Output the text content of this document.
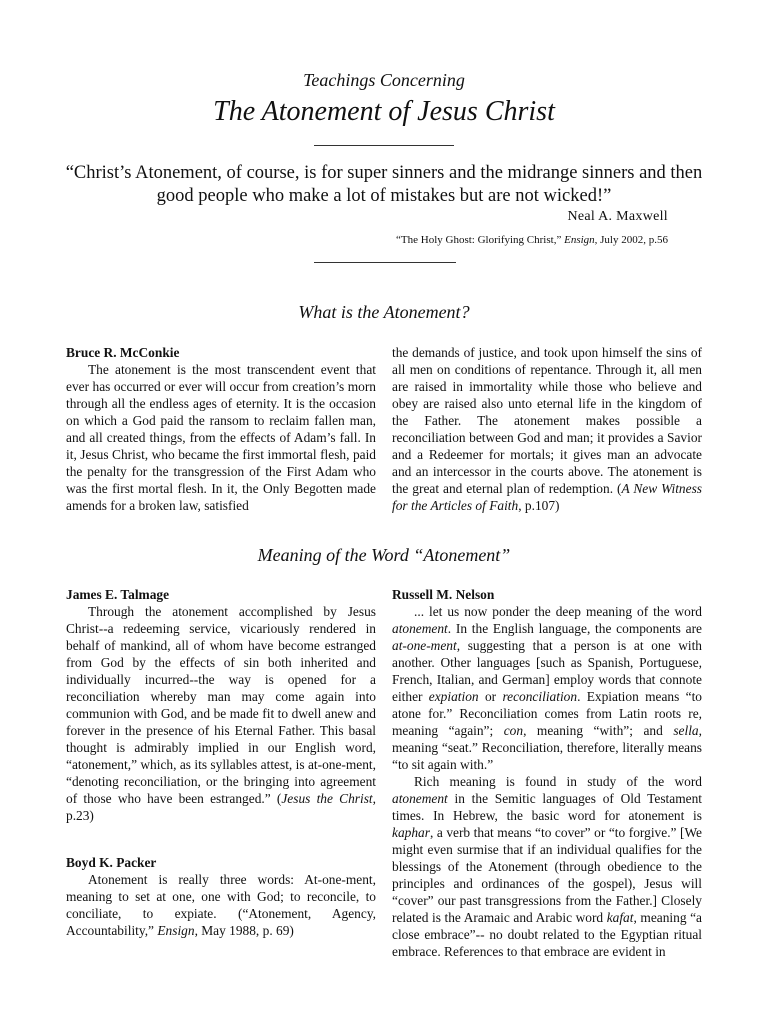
Teachings Concerning
The Atonement of Jesus Christ
“Christ’s Atonement, of course, is for super sinners and the midrange sinners and then good people who make a lot of mistakes but are not wicked!”
Neal A. Maxwell
“The Holy Ghost: Glorifying Christ,” Ensign, July 2002, p.56
What is the Atonement?

Bruce R. McConkie

The atonement is the most transcendent event that ever has occurred or ever will occur from creation’s morn through all the endless ages of eternity. It is the occasion on which a God paid the ransom to reclaim fallen man, and all created things, from the effects of Adam’s fall. In it, Jesus Christ, who became the first immortal flesh, paid the penalty for the transgression of the First Adam who was the first mortal flesh. In it, the Only Begotten made amends for a broken law, satisfied

the demands of justice, and took upon himself the sins of all men on conditions of repentance. Through it, all men are raised in immortality while those who believe and obey are raised also unto eternal life in the kingdom of the Father. The atonement makes possible a reconciliation between God and man; it provides a Savior and a Redeemer for mortals; it gives man an advocate and an intercessor in the courts above. The atonement is the great and eternal plan of redemption. (A New Witness for the Articles of Faith, p.107)

Meaning of the Word “Atonement”

James E. Talmage

Through the atonement accomplished by Jesus Christ--a redeeming service, vicariously rendered in behalf of mankind, all of whom have become estranged from God by the effects of sin both inherited and individually incurred--the way is opened for a reconciliation whereby man may come again into communion with God, and be made fit to dwell anew and forever in the presence of his Eternal Father. This basal thought is admirably implied in our English word, “atonement,” which, as its syllables attest, is at-one-ment, “denoting reconciliation, or the bringing into agreement of those who have been estranged.” (Jesus the Christ, p.23)

Boyd K. Packer

Atonement is really three words: At-one-ment, meaning to set at one, one with God; to reconcile, to conciliate, to expiate. (“Atonement, Agency, Accountability,” Ensign, May 1988, p. 69)

Russell M. Nelson

... let us now ponder the deep meaning of the word atonement. In the English language, the components are at-one-ment, suggesting that a person is at one with another. Other languages [such as Spanish, Portuguese, French, Italian, and German] employ words that connote either expiation or reconciliation. Expiation means “to atone for.” Reconciliation comes from Latin roots re, meaning “again”; con, meaning “with”; and sella, meaning “seat.” Reconciliation, therefore, literally means “to sit again with.”

Rich meaning is found in study of the word atonement in the Semitic languages of Old Testament times. In Hebrew, the basic word for atonement is kaphar, a verb that means “to cover” or “to forgive.” [We might even surmise that if an individual qualifies for the blessings of the Atonement (through obedience to the principles and ordinances of the gospel), Jesus will “cover” our past transgressions from the Father.] Closely related is the Aramaic and Arabic word kafat, meaning “a close embrace”-- no doubt related to the Egyptian ritual embrace. References to that embrace are evident in
